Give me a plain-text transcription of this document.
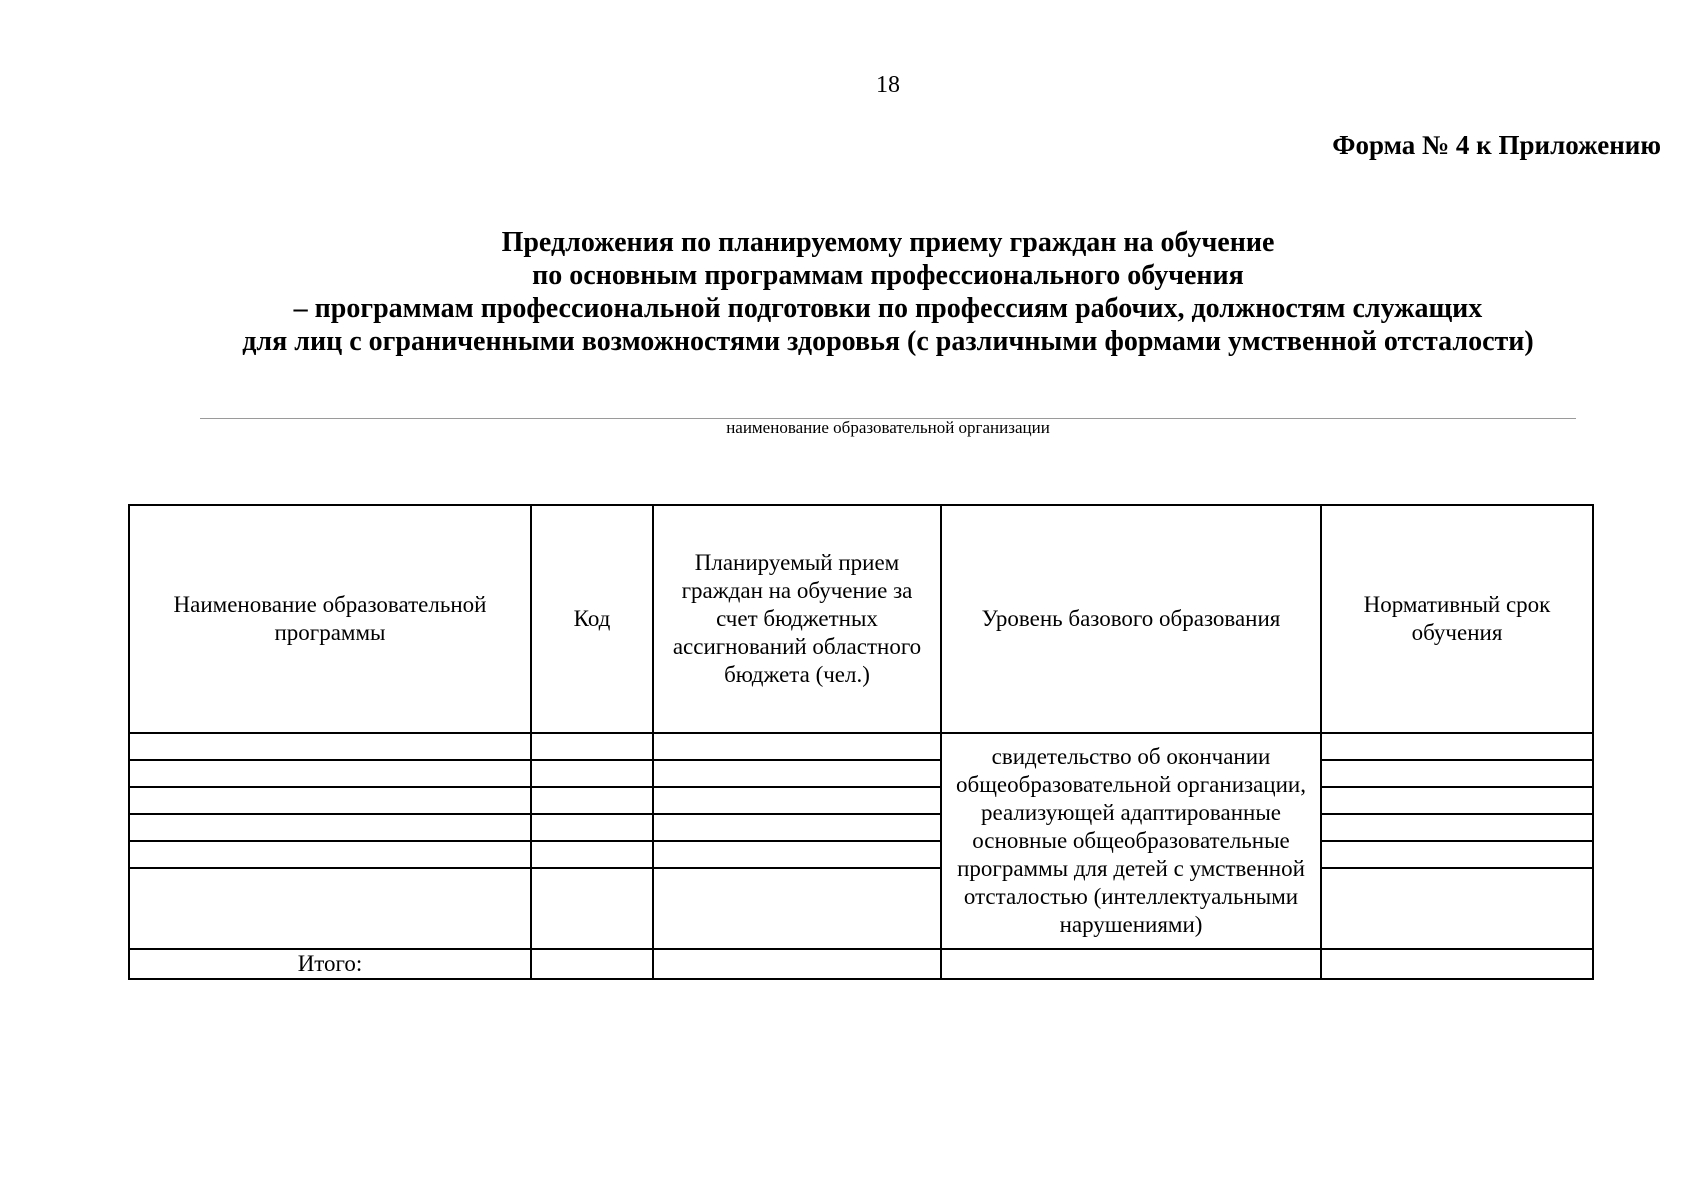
18
Форма № 4 к Приложению
Предложения по планируемому приему граждан на обучение
по основным программам профессионального обучения
– программам профессиональной подготовки по профессиям рабочих, должностям служащих
для лиц с ограниченными возможностями здоровья (с различными формами умственной отсталости)
наименование образовательной организации
Наименование образовательной программы	Код	Планируемый прием граждан на обучение за счет бюджетных ассигнований областного бюджета (чел.)	Уровень базового образования	Нормативный срок обучения
			свидетельство об окончании общеобразовательной организации, реализующей адаптированные основные общеобразовательные программы для детей с умственной отсталостью (интеллектуальными нарушениями)	

Итого:				
